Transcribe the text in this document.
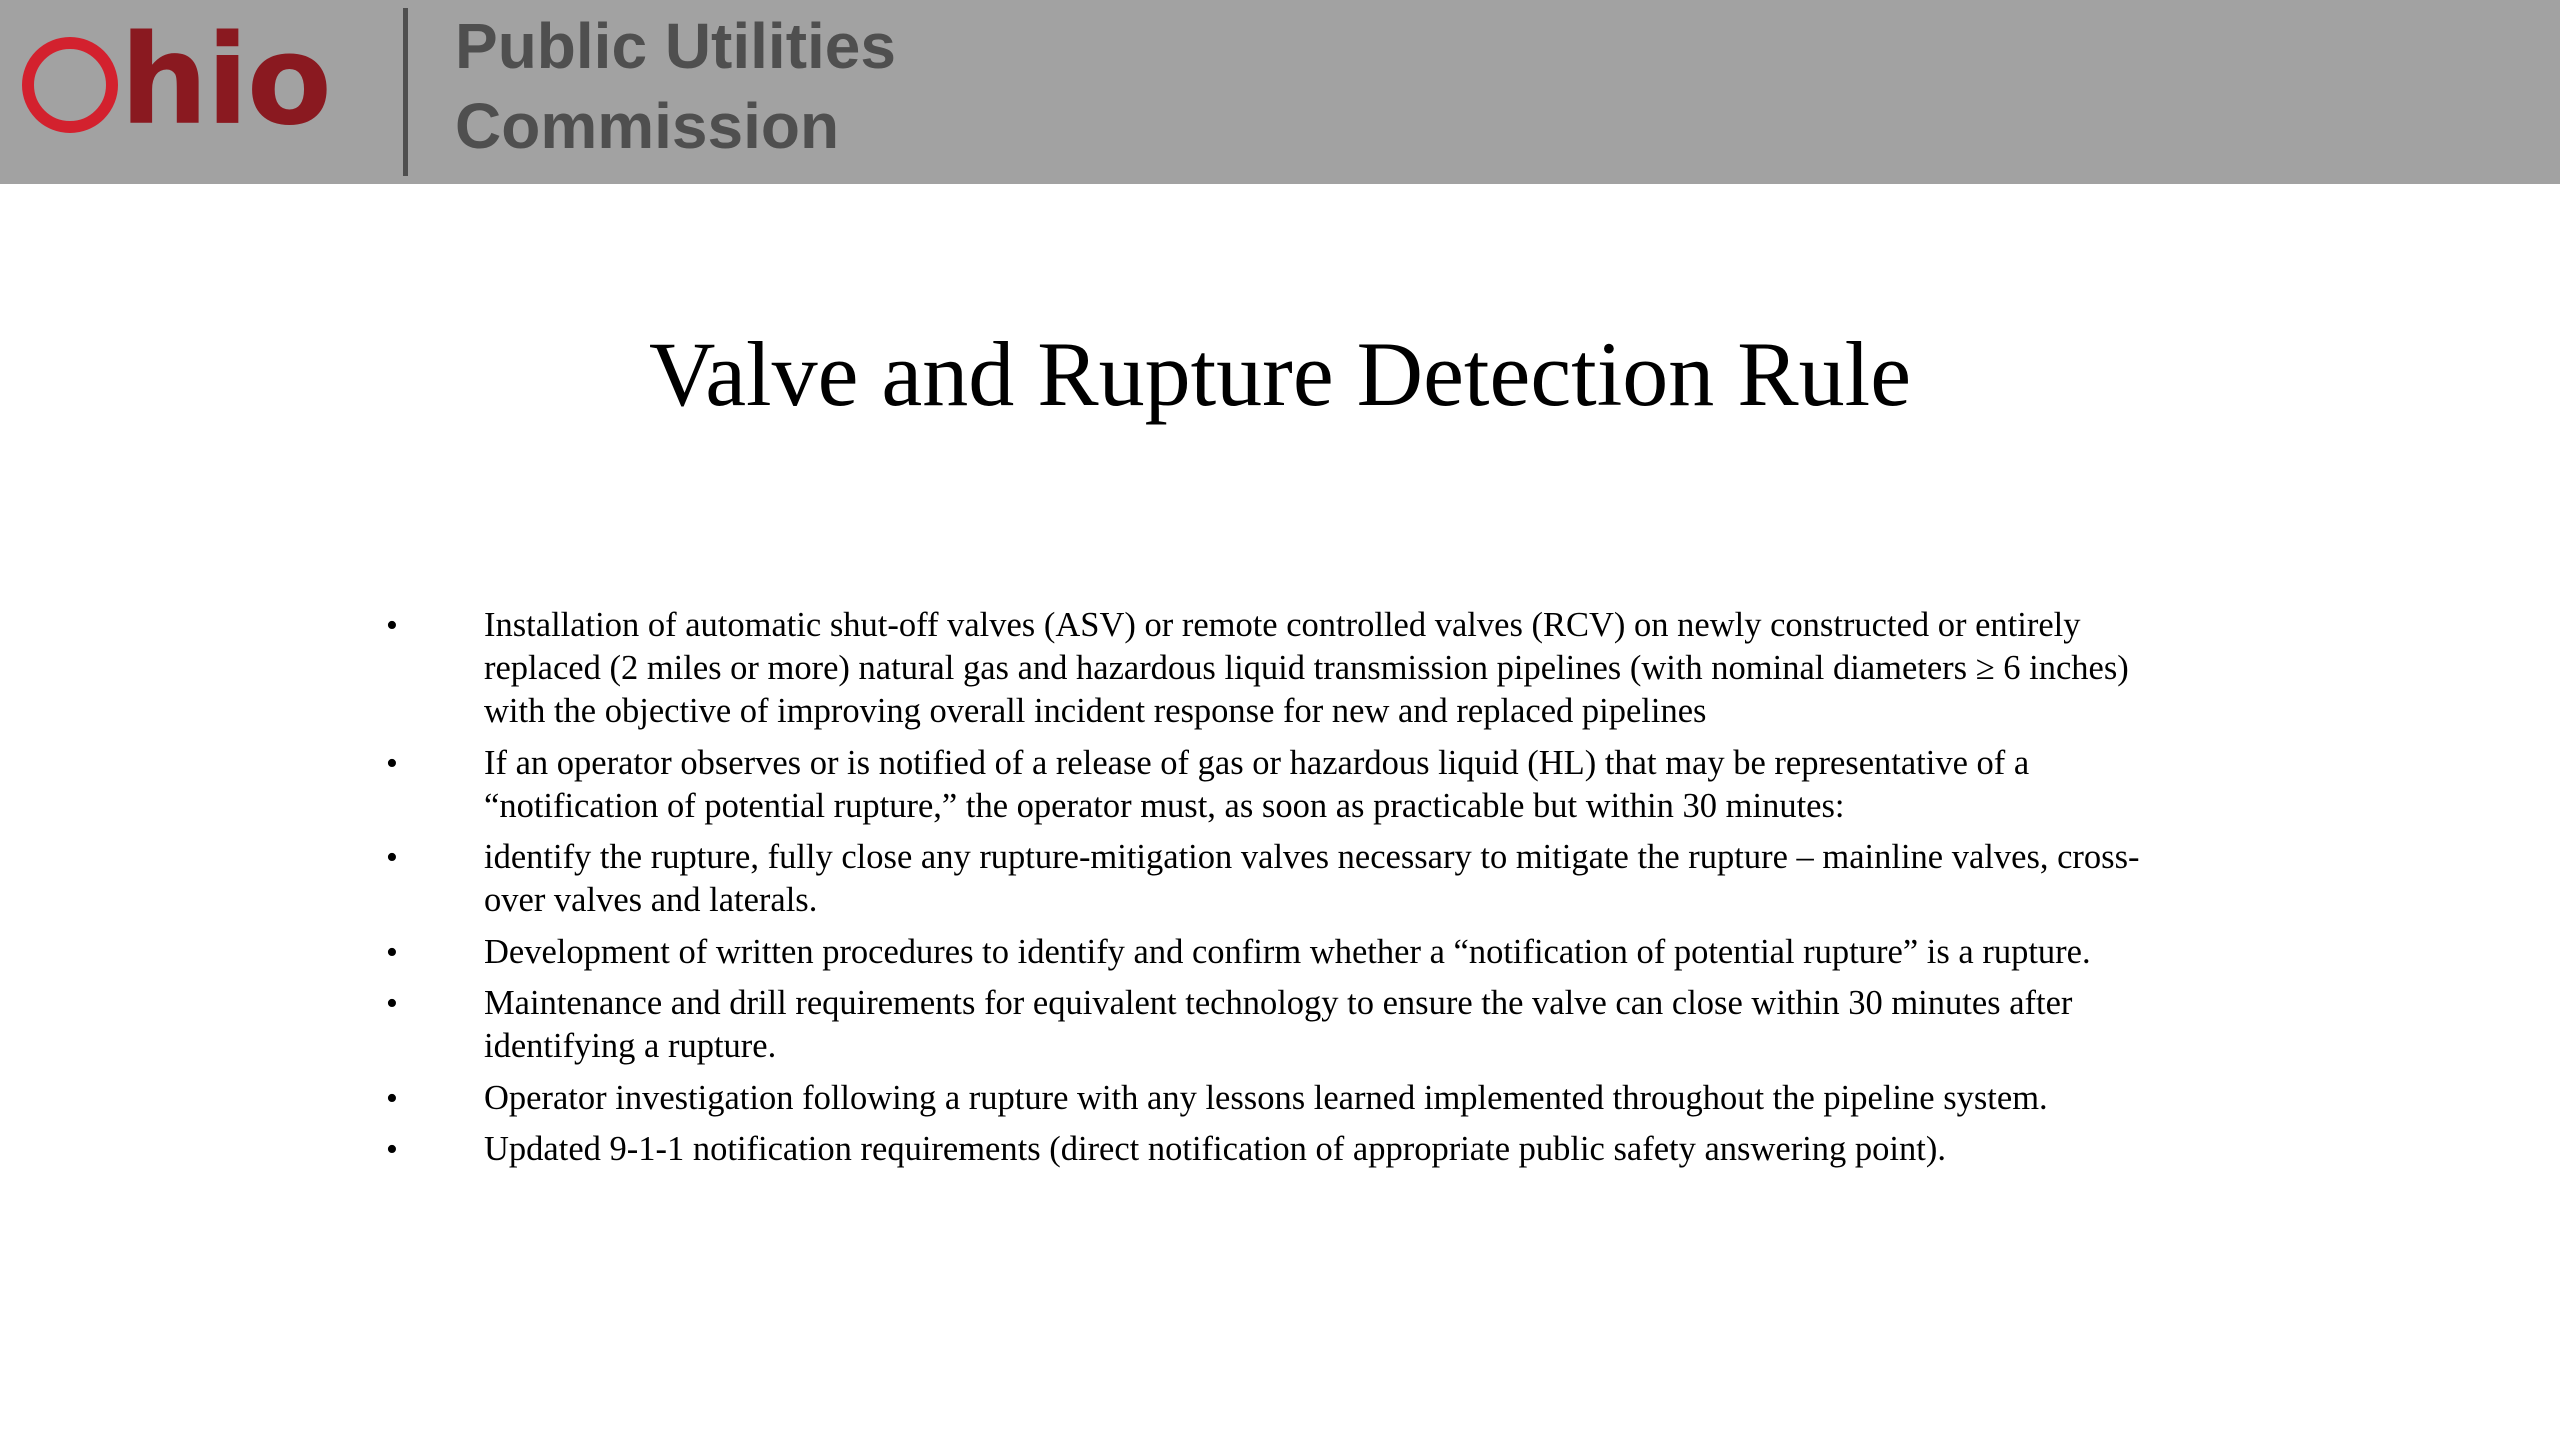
hio Public Utilities
Commission
Valve and Rupture Detection Rule
• Installation of automatic shut-off valves (ASV) or remote controlled valves (RCV) on newly constructed or entirely replaced (2 miles or more) natural gas and hazardous liquid transmission pipelines (with nominal diameters ≥ 6 inches) with the objective of improving overall incident response for new and replaced pipelines
• If an operator observes or is notified of a release of gas or hazardous liquid (HL) that may be representative of a “notification of potential rupture,” the operator must, as soon as practicable but within 30 minutes:
• identify the rupture, fully close any rupture-mitigation valves necessary to mitigate the rupture – mainline valves, cross-over valves and laterals.
• Development of written procedures to identify and confirm whether a “notification of potential rupture” is a rupture.
• Maintenance and drill requirements for equivalent technology to ensure the valve can close within 30 minutes after identifying a rupture.
• Operator investigation following a rupture with any lessons learned implemented throughout the pipeline system.
• Updated 9-1-1 notification requirements (direct notification of appropriate public safety answering point).
